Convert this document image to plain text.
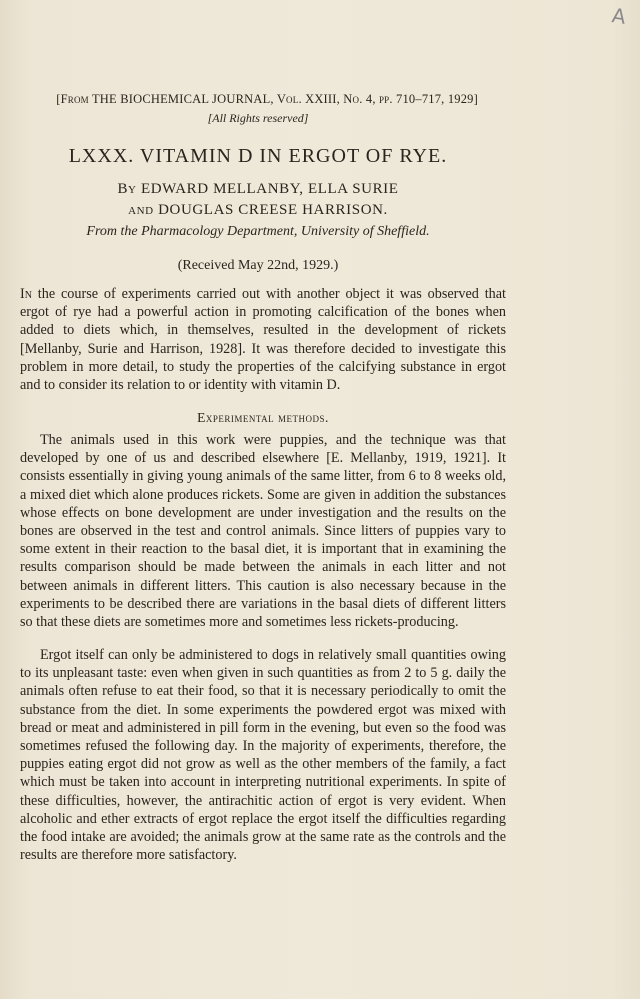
A
[From THE BIOCHEMICAL JOURNAL, Vol. XXIII, No. 4, pp. 710–717, 1929]
[All Rights reserved]
LXXX. VITAMIN D IN ERGOT OF RYE.
By EDWARD MELLANBY, ELLA SURIE
and DOUGLAS CREESE HARRISON.
From the Pharmacology Department, University of Sheffield.
(Received May 22nd, 1929.)

In the course of experiments carried out with another object it was observed that ergot of rye had a powerful action in promoting calcification of the bones when added to diets which, in themselves, resulted in the development of rickets [Mellanby, Surie and Harrison, 1928]. It was therefore decided to investigate this problem in more detail, to study the properties of the calcifying substance in ergot and to consider its relation to or identity with vitamin D.

Experimental methods.

The animals used in this work were puppies, and the technique was that developed by one of us and described elsewhere [E. Mellanby, 1919, 1921]. It consists essentially in giving young animals of the same litter, from 6 to 8 weeks old, a mixed diet which alone produces rickets. Some are given in addition the substances whose effects on bone development are under investigation and the results on the bones are observed in the test and control animals. Since litters of puppies vary to some extent in their reaction to the basal diet, it is important that in examining the results comparison should be made between the animals in each litter and not between animals in different litters. This caution is also necessary because in the experiments to be described there are variations in the basal diets of different litters so that these diets are sometimes more and sometimes less rickets-producing.

Ergot itself can only be administered to dogs in relatively small quantities owing to its unpleasant taste: even when given in such quantities as from 2 to 5 g. daily the animals often refuse to eat their food, so that it is necessary periodically to omit the substance from the diet. In some experiments the powdered ergot was mixed with bread or meat and administered in pill form in the evening, but even so the food was sometimes refused the following day. In the majority of experiments, therefore, the puppies eating ergot did not grow as well as the other members of the family, a fact which must be taken into account in interpreting nutritional experiments. In spite of these difficulties, however, the antirachitic action of ergot is very evident. When alcoholic and ether extracts of ergot replace the ergot itself the difficulties regarding the food intake are avoided; the animals grow at the same rate as the controls and the results are therefore more satisfactory.
